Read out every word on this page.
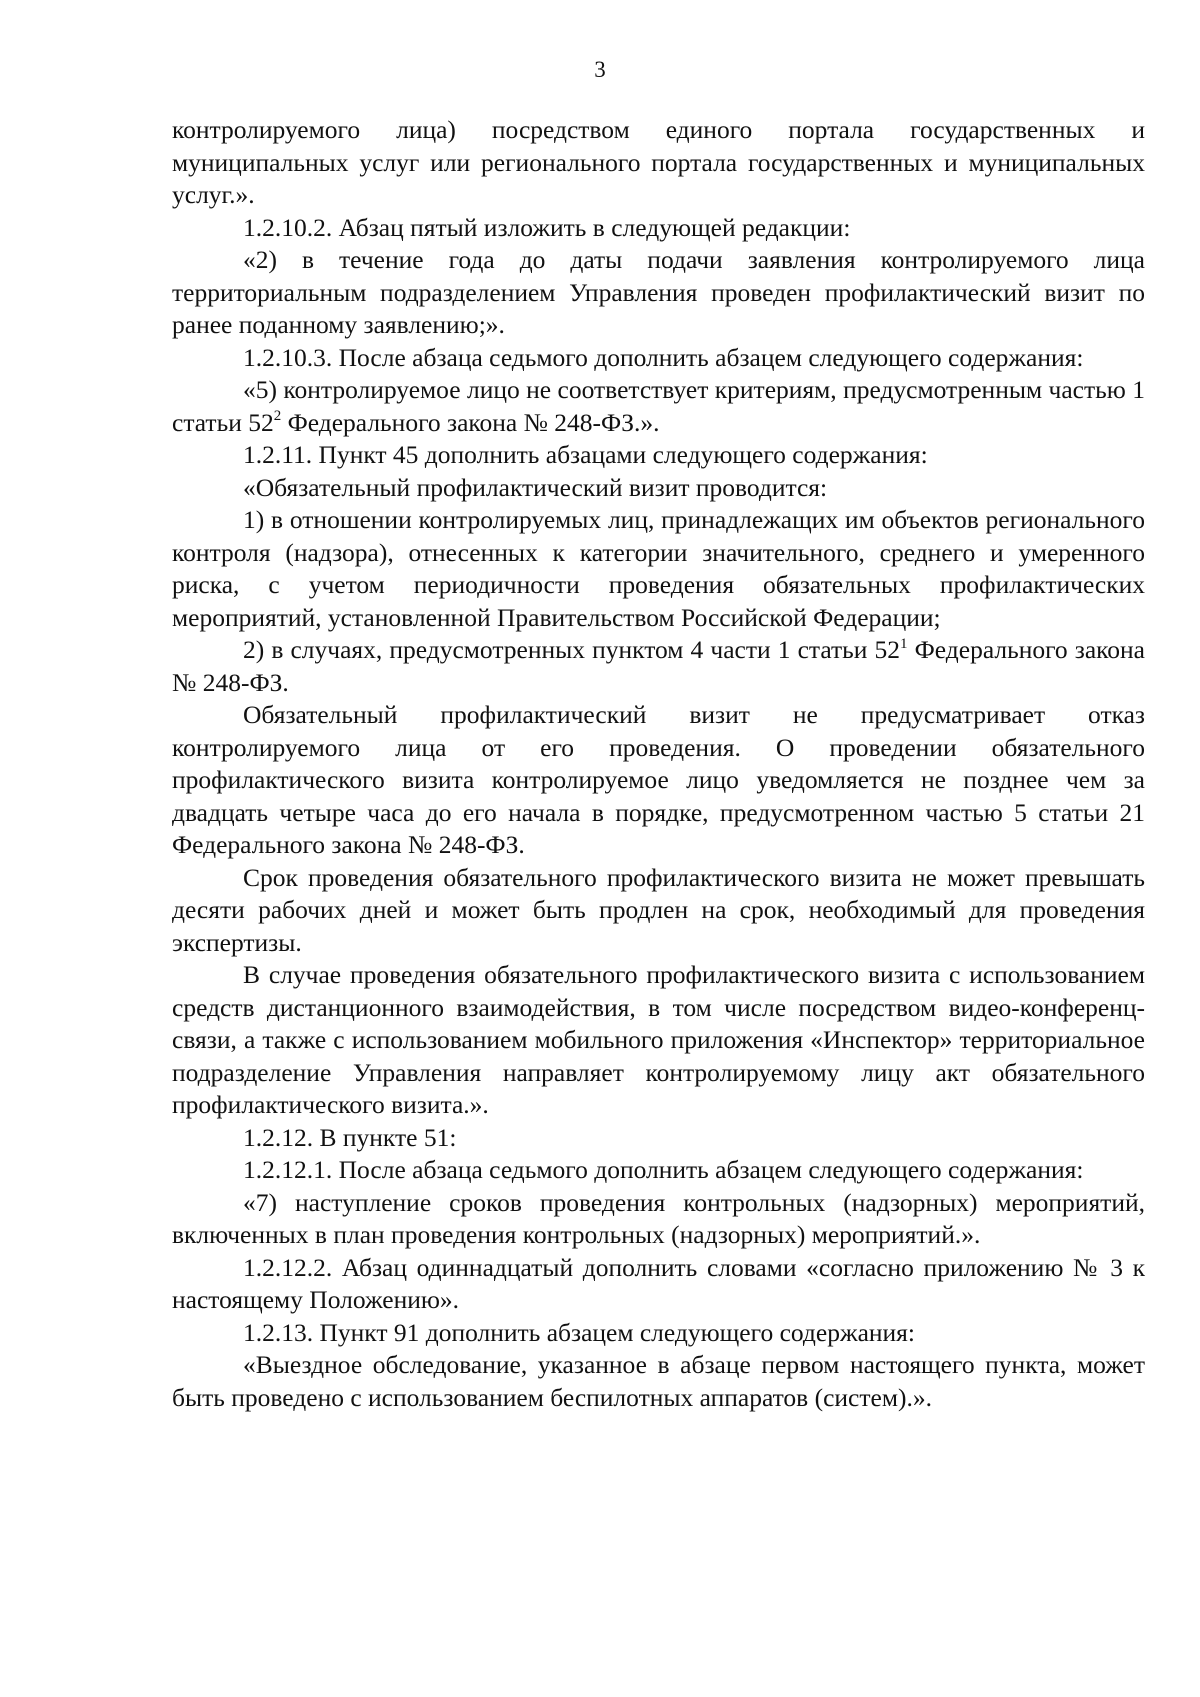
3

контролируемого лица) посредством единого портала государственных и муниципальных услуг или регионального портала государственных и муниципальных услуг.».

1.2.10.2. Абзац пятый изложить в следующей редакции:

«2) в течение года до даты подачи заявления контролируемого лица территориальным подразделением Управления проведен профилактический визит по ранее поданному заявлению;».

1.2.10.3. После абзаца седьмого дополнить абзацем следующего содержания:

«5) контролируемое лицо не соответствует критериям, предусмотренным частью 1 статьи $52^2$ Федерального закона № 248-ФЗ.».

1.2.11. Пункт 45 дополнить абзацами следующего содержания:

«Обязательный профилактический визит проводится:

1) в отношении контролируемых лиц, принадлежащих им объектов регионального контроля (надзора), отнесенных к категории значительного, среднего и умеренного риска, с учетом периодичности проведения обязательных профилактических мероприятий, установленной Правительством Российской Федерации;

2) в случаях, предусмотренных пунктом 4 части 1 статьи $52^1$ Федерального закона № 248-ФЗ.

Обязательный профилактический визит не предусматривает отказ контролируемого лица от его проведения. О проведении обязательного профилактического визита контролируемое лицо уведомляется не позднее чем за двадцать четыре часа до его начала в порядке, предусмотренном частью 5 статьи 21 Федерального закона № 248-ФЗ.

Срок проведения обязательного профилактического визита не может превышать десяти рабочих дней и может быть продлен на срок, необходимый для проведения экспертизы.

В случае проведения обязательного профилактического визита с использованием средств дистанционного взаимодействия, в том числе посредством видео-конференц-связи, а также с использованием мобильного приложения «Инспектор» территориальное подразделение Управления направляет контролируемому лицу акт обязательного профилактического визита.».

1.2.12. В пункте 51:

1.2.12.1. После абзаца седьмого дополнить абзацем следующего содержания:

«7) наступление сроков проведения контрольных (надзорных) мероприятий, включенных в план проведения контрольных (надзорных) мероприятий.».

1.2.12.2. Абзац одиннадцатый дополнить словами «согласно приложению № 3 к настоящему Положению».

1.2.13. Пункт 91 дополнить абзацем следующего содержания:

«Выездное обследование, указанное в абзаце первом настоящего пункта, может быть проведено с использованием беспилотных аппаратов (систем).».
